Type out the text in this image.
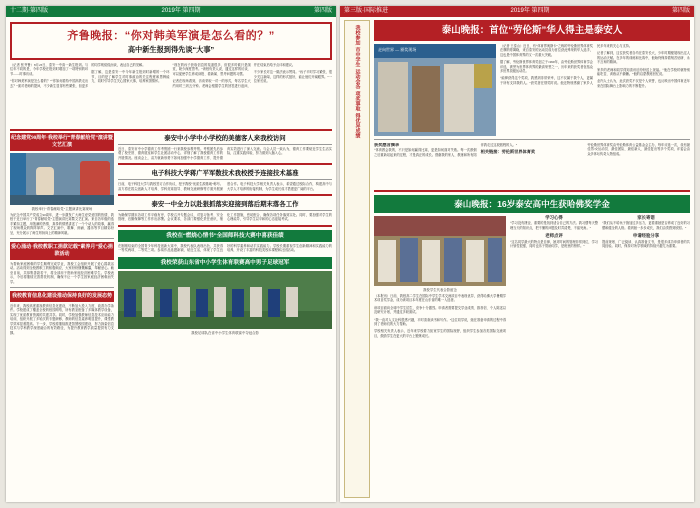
十二期·第四版	2019年 第四期	第四版
齐鲁晚报：“你对韩美军演是怎么看的？”
高中新生报到得先谈“大事”

（记者 张齐鲁）8月23日，泰安一中高一新生报到。与往年不同的是，今年学校在报到时增加了一项特别的环节——时事访谈。

“你对韩美军演是怎么看的？”“你如何看待中国高铁走出去？”面对老师的提问，不少新生显得有些紧张，但更多的同学则侃侃而谈，表达自己的见解。

据了解，这是泰安一中今年新生报到时新增的一个环节，目的是了解学生对时事政治的关注程度和思辨能力，同时引导学生关心国家大事，培养家国情怀。

“现在的孩子获取信息的渠道很多，但很多时候只是浏览，缺少深度思考。”该校负责人说，通过这样的访谈，可以促使学生养成读报、看新闻、思考问题的习惯。

记者在现场看到，访谈采取一对一的形式，每名学生大约用时三到五分钟。老师会根据学生的回答进行追问，并在结束后给予点评和建议。

不少家长对这一做法表示赞同。“孩子平时学习紧张，很少关注新闻，这样的形式挺好，能让他们开阔眼界。”一位家长说。

纪念建党90周年·我校举行“青春献给党”演讲暨文艺汇演
我校举行“青春献给党”主题演讲比赛现场
为纪念中国共产党成立90周年，进一步激发广大师生爱党爱国的热情，我校于近日举行了“青春献给党”主题演讲比赛暨文艺汇演。来自各年级的选手紧扣主题，用饱满的热情、真挚的情感讲述了一个个动人的故事，赢得了现场观众的阵阵掌声。文艺汇演中，歌舞、朗诵、器乐等节目精彩纷呈，充分展示了师生昂扬向上的精神风貌。
爱心涌动·我校教职工捐款记载“素养月”爱心捐款活动
为帮助家庭困难的学生顺利完成学业，我校工会组织开展了爱心捐款活动。活动得到全校教职工的积极响应，大家纷纷慷慨解囊，奉献爱心。截至目前，共募集善款若干，将全部用于资助家庭经济困难学生。学校表示，今后将继续完善帮扶机制，确保不让一个学生因家庭经济困难而失学。
我校教育信息化建设推动保持良好的发展态势
近年来，我校高度重视教育信息化建设，不断加大投入力度，改善办学条件。学校建成了覆盖全校的校园网络，所有教室配备了多媒体教学设备，实现了优质教育资源的共建共享。同时，学校加强教师信息技术应用能力培训，组织开展了多轮次的专题研修，教师的信息素养明显提升，课堂教学效率显著提高。下一步，学校将继续推进智慧校园建设，努力探索信息技术与学科教学深度融合的有效路径，为提升教育教学质量提供有力支撑。
泰安中小学中小学校的美德客人来我校访问
近日，泰安市中小学德育工作考察团一行来我校参观考察。考察团先后参观了校史馆、德育展室和学生社团活动中心，详细了解了我校德育工作的开展情况。座谈会上，双方就新形势下如何加强中小学德育工作、提升德育实效进行了深入交流。与会人员一致认为，德育工作要贴近学生生活实际，注重实践体验，努力做到入脑入心。
电子科技大学蒋广平军数技术我校授予连接技术基准
日前，电子科技大学与我校签订合作协议，授予我校“优质生源基地”称号。双方将在拔尖创新人才培养、学科竞赛指导、教师交流研修等方面开展深度合作。电子科技大学相关负责人表示，希望通过校际合作，构建高中与大学人才培养的衔接机制，为学生成长成才搭建更广阔的平台。
泰安一中全力以赴狠抓落实迎接到落后期末落各工作
为确保学期末各项工作平稳有序，学校召开专题会议，对复习备考、安全管理、后勤保障等工作作出部署。会议要求，各部门要强化责任意识，细化工作措施，密切配合，确保各项任务落到实处。同时，要加强对学生的心理疏导，引导学生以平和的心态迎接考试。
我校在“燃烧心情书”全国师科技大赛中喜获佳绩
在刚刚结束的全国青少年科技创新大赛中，我校代表队表现出色，共获得一等奖两项、二等奖三项。参赛作品选题新颖，贴近生活，体现了学生良好的科学素养和动手实践能力。学校长期重视学生创新精神和实践能力的培养，开设了丰富的科技类校本课程和社团活动。
我校荣获山东省中小学生体育联赛高中男子足球冠军
我校足球队在省中小学生体育联赛中夺冠合影
第三版·国际推进	2019年 第四期	第四版
我校参加
市中学生
运动会各
项奖事取
得优异成绩
泰山晚报：首位“劳伦斯”华人得主是泰安人
走向世界 — 颁奖现场

（记者 王泰山）近日，有“体育界奥斯卡”之称的劳伦斯世界体育奖在摩纳哥揭晓，来自泰安的运动员成为首位获此殊荣的华人选手，这也是中国体育界的又一次重大突破。

据了解，劳伦斯世界体育奖创立于1999年，由劳伦斯世界体育学会评选，被誉为世界体育界的最高荣誉之一，历年来的获奖者包括众多世界顶级运动员。

“能够获得这个奖项，我感到非常荣幸，这不仅属于我个人，更属于所有支持我的人。”获奖者在领奖时说。他还特别感谢了家乡人民多年来的关心与支持。

记者了解到，这位获奖者自幼在泰安长大，少年时期便展现出过人的运动天赋。在多年的训练和比赛中，他始终保持着刻苦钻研、永不言弃的精神。

家乡的老师和同学得知喜讯后纷纷送上祝福。“他在学校时就特别能吃苦，训练从不偷懒。”他的启蒙教练回忆说。

业内人士认为，此次获奖不仅是个人荣誉，也反映出中国体育近年来在国际舞台上影响力的不断提升。

获奖感言摘录

“体育教会我的，不只是如何赢得比赛，更是如何面对失败。每一次跌倒之后重新站起来的过程，才是真正的成长。感谢我的家人、教练和所有陪伴我走过这段旅程的人。”

相关链接：劳伦斯世界体育奖

劳伦斯世界体育奖由劳伦斯体育公益基金会主办，每年评选一次，设有最佳男/女运动员、最佳团队、最佳新人、最佳复出等多个奖项，评委会由众多体坛传奇人物组成。

泰山晚报：16岁泰安高中生获哈佛奖学金
我校学生代表合影留念

（本报讯）日前，我校高二学生在国际中学生学术交流项目中表现优异，获得哈佛大学暑期学术项目奖学金，成为该项目本年度在山东省的唯一入选者。

该项目面向全球中学生招生，竞争十分激烈。申请者需要提交学业成绩、推荐信、个人陈述以及研究计划，并通过多轮面试。

“我一直对人文社科很感兴趣，平时喜欢读书和写作。”这位同学说，她在准备申请的过程中得到了老师们的大力帮助。

学校相关负责人表示，近年来学校着力拓宽学生的国际视野，组织学生参加各类国际交流项目，鼓励学生在更大的平台上锻炼成长。

学习心得

“学习没有捷径，重要的是找到适合自己的方法。我习惯每天整理当天的知识点，把不懂的问题及时弄清楚，不留死角。”

老师点评

“这名同学最大的特点是自律，她对时间的管理非常到位，学习计划性很强，同时也乐于帮助同学，是班里的榜样。”

家长寄语

“我们从不给孩子施加过多压力，更看重她是否养成了良好的习惯和健全的人格。看到她一步步成长，我们由衷感到欣慰。”

申请经验分享

提前规划、广泛阅读、认真准备文书，是很多成功申请者的共同经验。同时，保持对所学领域的持续兴趣尤为重要。
